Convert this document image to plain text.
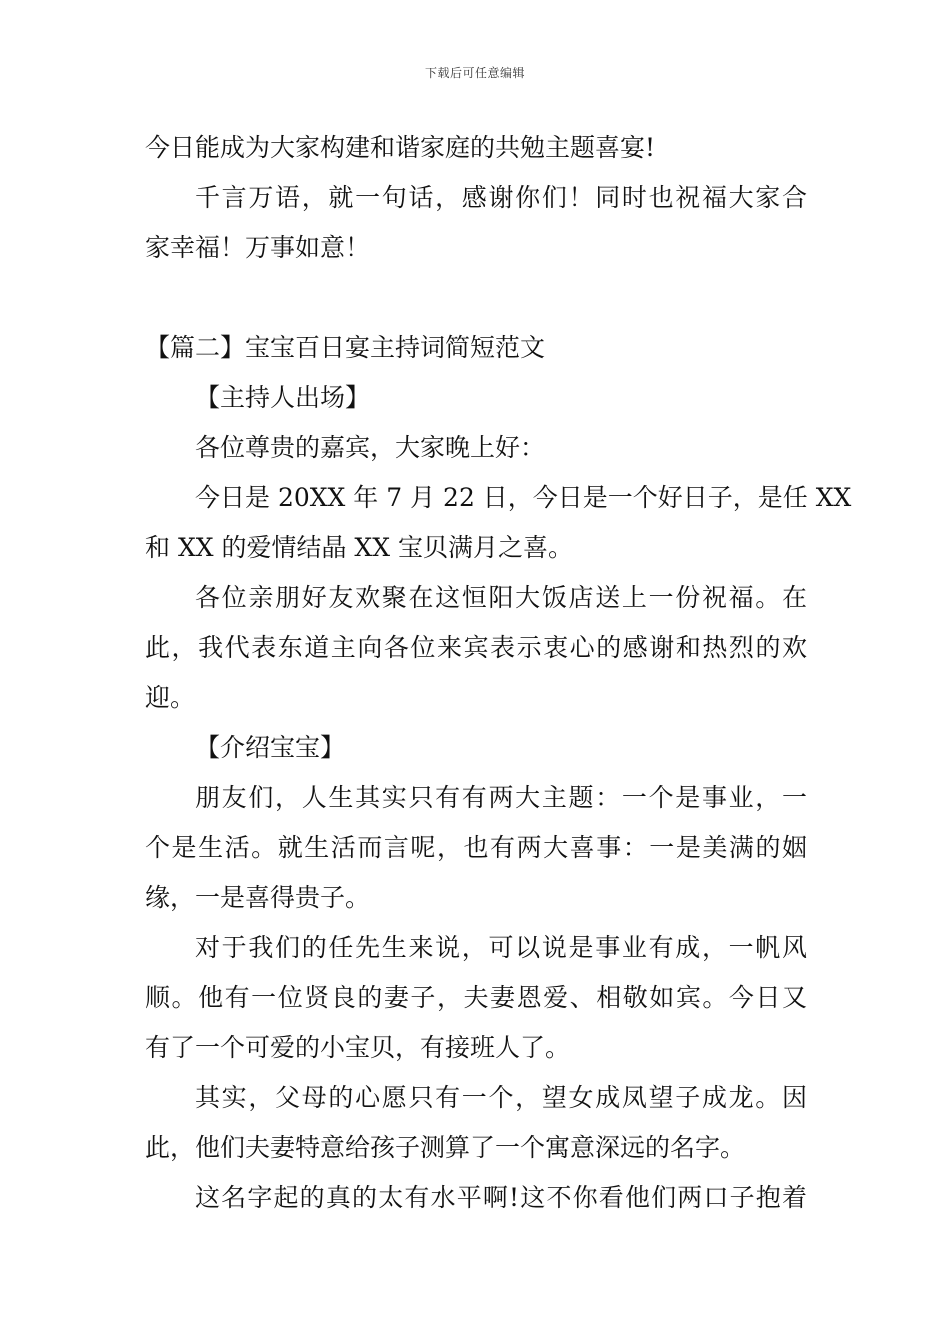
下载后可任意编辑
今日能成为大家构建和谐家庭的共勉主题喜宴!
千言万语，就一句话，感谢你们！同时也祝福大家合
家幸福！万事如意！
【篇二】宝宝百日宴主持词简短范文
【主持人出场】
各位尊贵的嘉宾，大家晚上好：
今日是 20XX 年 7 月 22 日，今日是一个好日子，是任 XX
和 XX 的爱情结晶 XX 宝贝满月之喜。
各位亲朋好友欢聚在这恒阳大饭店送上一份祝福。在
此，我代表东道主向各位来宾表示衷心的感谢和热烈的欢
迎。
【介绍宝宝】
朋友们，人生其实只有有两大主题：一个是事业，一
个是生活。就生活而言呢，也有两大喜事：一是美满的姻
缘，一是喜得贵子。
对于我们的任先生来说，可以说是事业有成，一帆风
顺。他有一位贤良的妻子，夫妻恩爱、相敬如宾。今日又
有了一个可爱的小宝贝，有接班人了。
其实，父母的心愿只有一个，望女成凤望子成龙。因
此，他们夫妻特意给孩子测算了一个寓意深远的名字。
这名字起的真的太有水平啊!这不你看他们两口子抱着
